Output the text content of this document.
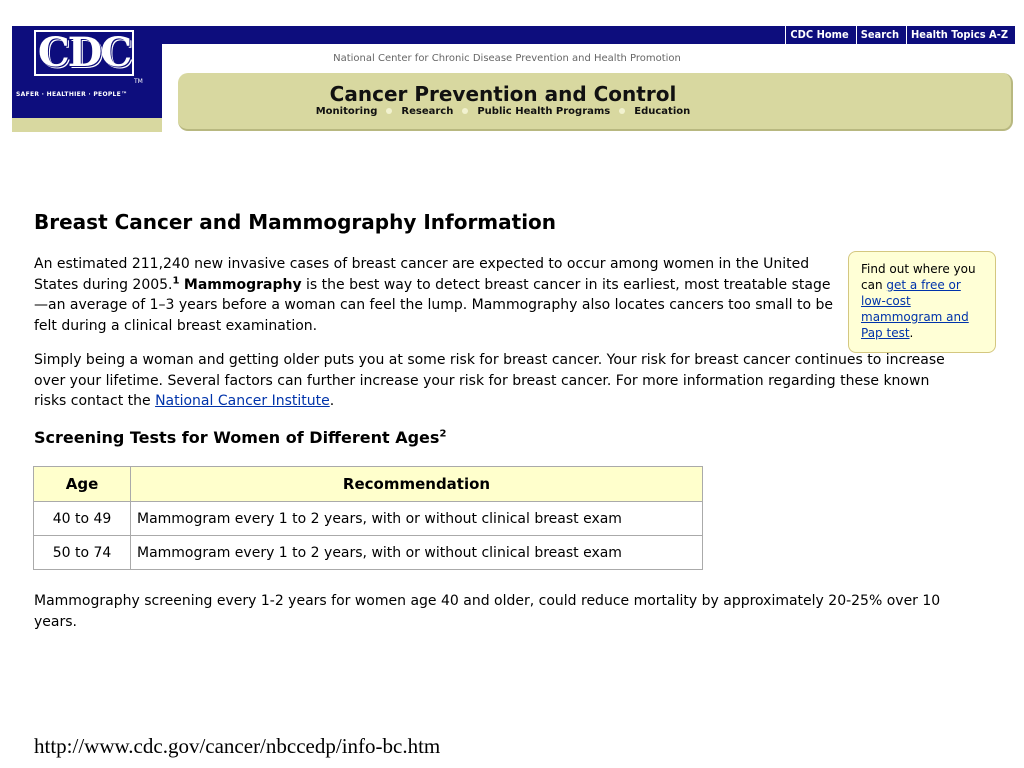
CDC Home	Search	Health Topics A-Z
CDC
TM
SAFER · HEALTHIER · PEOPLE™
National Center for Chronic Disease Prevention and Health Promotion
Cancer Prevention and Control
Monitoring Research Public Health Programs Education
Breast Cancer and Mammography Information

An estimated 211,240 new invasive cases of breast cancer are expected to occur among women in the United States during 2005.$^1$ Mammography is the best way to detect breast cancer in its earliest, most treatable stage—an average of 1–3 years before a woman can feel the lump. Mammography also locates cancers too small to be felt during a clinical breast examination.

Find out where you can get a free or low-cost mammogram and Pap test.

Simply being a woman and getting older puts you at some risk for breast cancer. Your risk for breast cancer continues to increase over your lifetime. Several factors can further increase your risk for breast cancer. For more information regarding these known risks contact the National Cancer Institute.

Screening Tests for Women of Different Ages$^2$
Age	Recommendation
40 to 49	Mammogram every 1 to 2 years, with or without clinical breast exam
50 to 74	Mammogram every 1 to 2 years, with or without clinical breast exam

Mammography screening every 1-2 years for women age 40 and older, could reduce mortality by approximately 20-25% over 10 years.

http://www.cdc.gov/cancer/nbccedp/info-bc.htm
